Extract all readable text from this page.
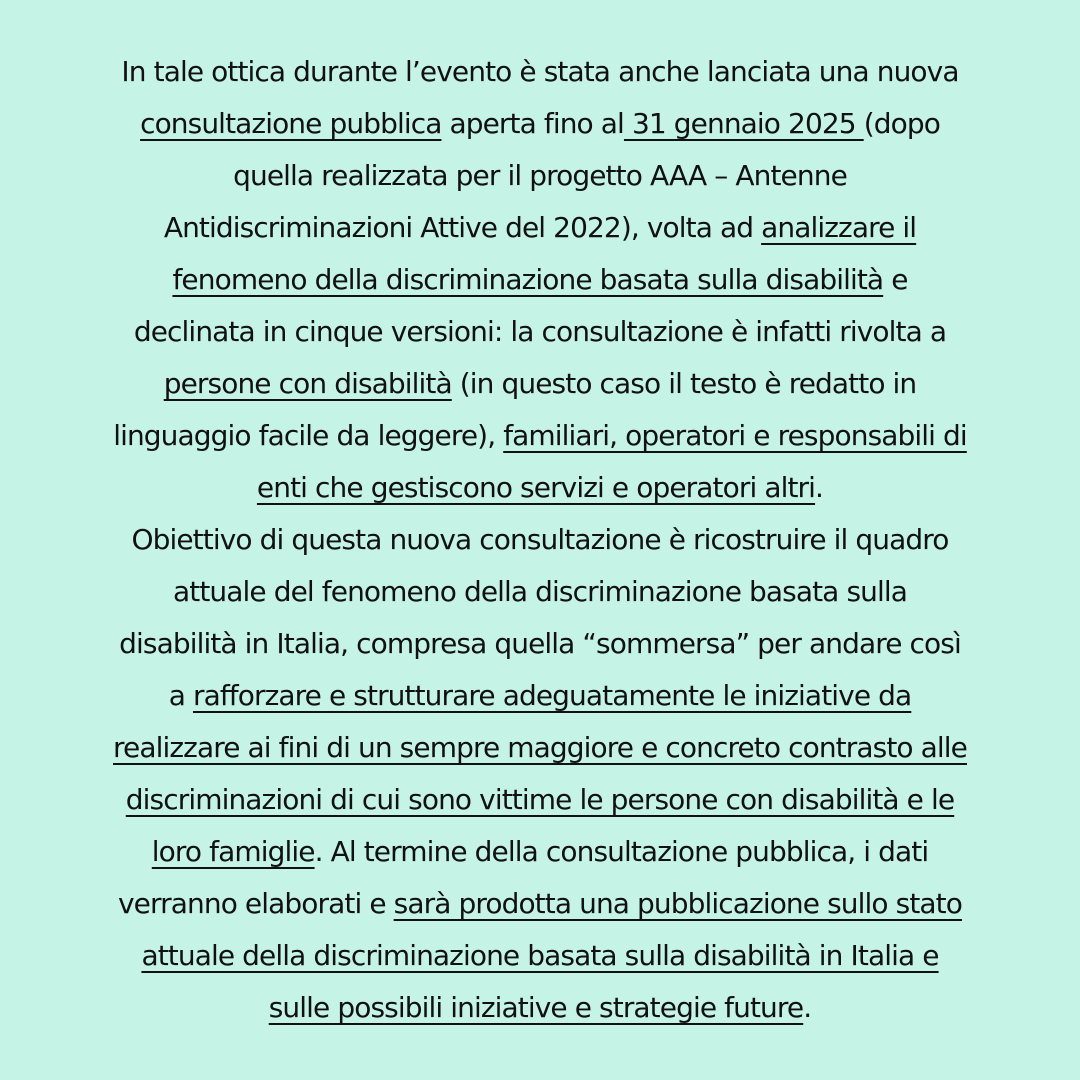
In tale ottica durante l’evento è stata anche lanciata una nuova
consultazione pubblica aperta fino al 31 gennaio 2025 (dopo
quella realizzata per il progetto AAA – Antenne
Antidiscriminazioni Attive del 2022), volta ad analizzare il
fenomeno della discriminazione basata sulla disabilità e
declinata in cinque versioni: la consultazione è infatti rivolta a
persone con disabilità (in questo caso il testo è redatto in
linguaggio facile da leggere), familiari, operatori e responsabili di
enti che gestiscono servizi e operatori altri.
Obiettivo di questa nuova consultazione è ricostruire il quadro
attuale del fenomeno della discriminazione basata sulla
disabilità in Italia, compresa quella “sommersa” per andare così
a rafforzare e strutturare adeguatamente le iniziative da
realizzare ai fini di un sempre maggiore e concreto contrasto alle
discriminazioni di cui sono vittime le persone con disabilità e le
loro famiglie. Al termine della consultazione pubblica, i dati
verranno elaborati e sarà prodotta una pubblicazione sullo stato
attuale della discriminazione basata sulla disabilità in Italia e
sulle possibili iniziative e strategie future.
